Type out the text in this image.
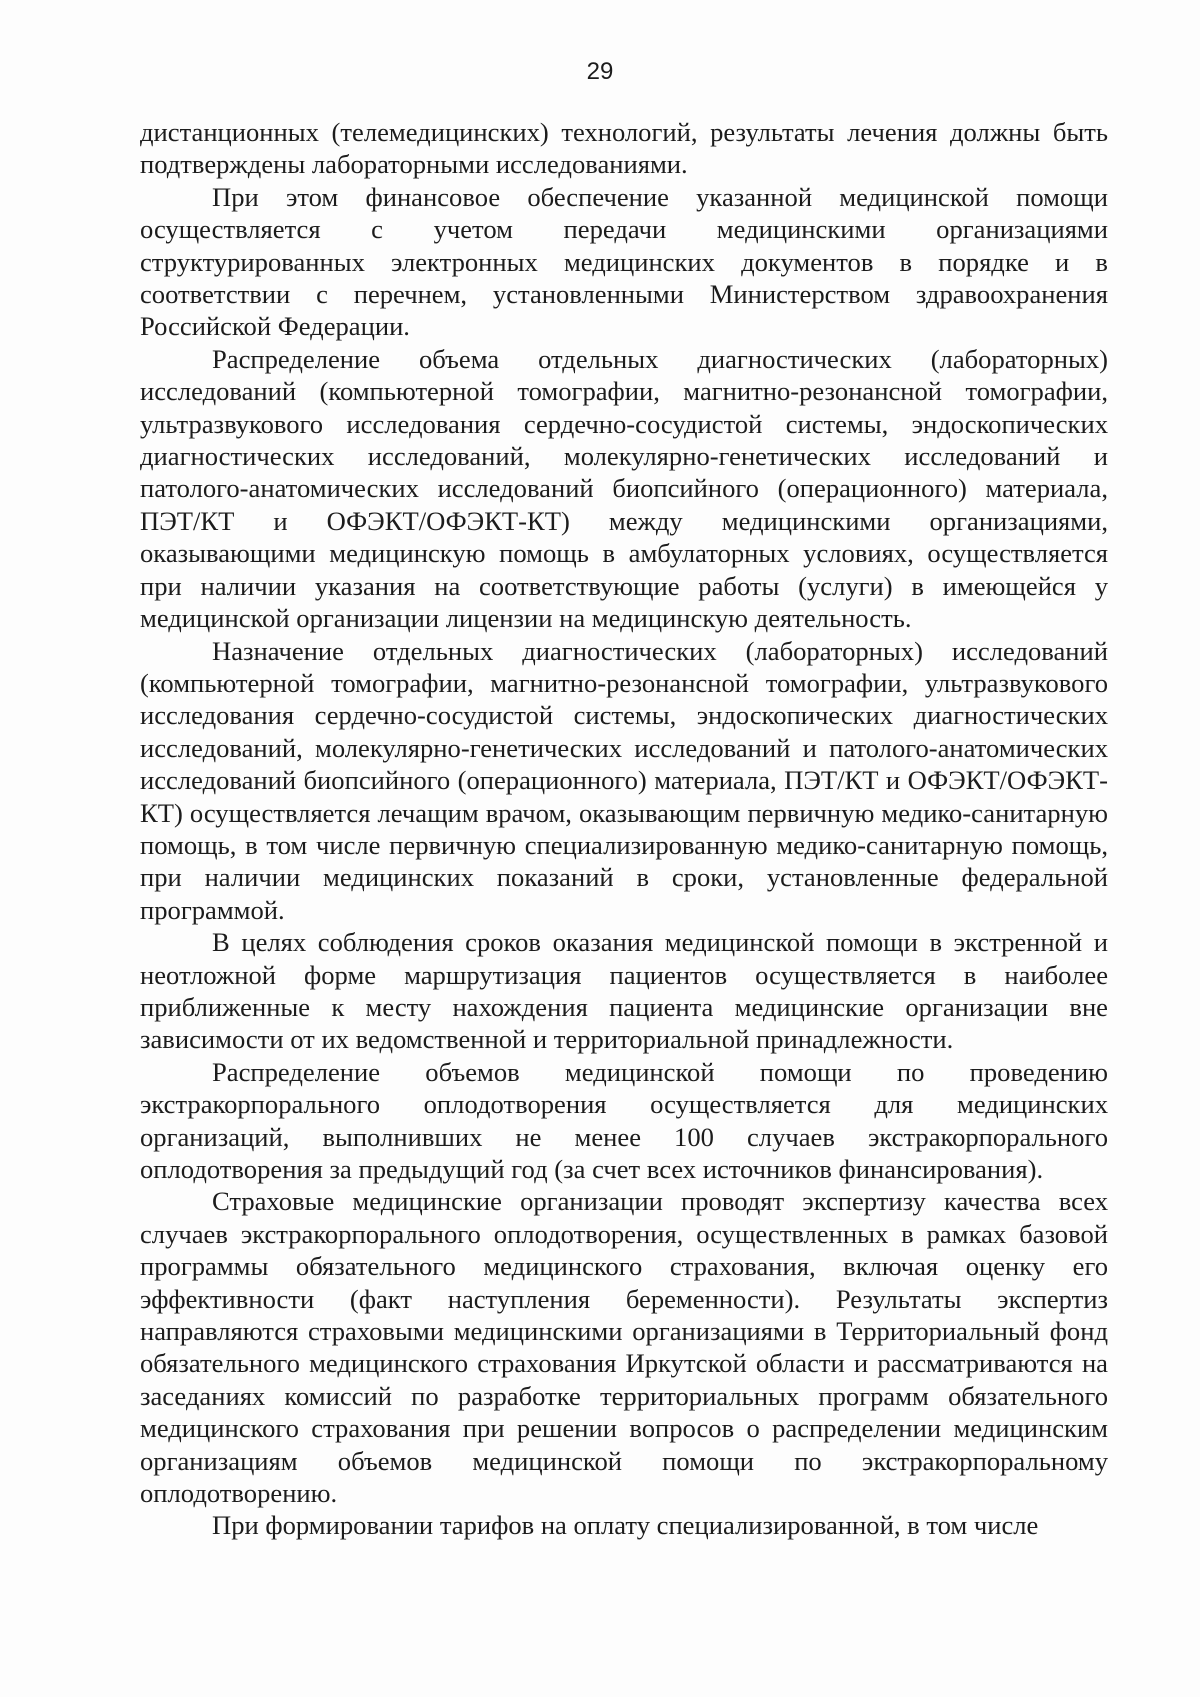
29

дистанционных (телемедицинских) технологий, результаты лечения должны быть подтверждены лабораторными исследованиями.

При этом финансовое обеспечение указанной медицинской помощи осуществляется с учетом передачи медицинскими организациями структурированных электронных медицинских документов в порядке и в соответствии с перечнем, установленными Министерством здравоохранения Российской Федерации.

Распределение объема отдельных диагностических (лабораторных) исследований (компьютерной томографии, магнитно-резонансной томографии, ультразвукового исследования сердечно-сосудистой системы, эндоскопических диагностических исследований, молекулярно-генетических исследований и патолого-анатомических исследований биопсийного (операционного) материала, ПЭТ/КТ и ОФЭКТ/ОФЭКТ-КТ) между медицинскими организациями, оказывающими медицинскую помощь в амбулаторных условиях, осуществляется при наличии указания на соответствующие работы (услуги) в имеющейся у медицинской организации лицензии на медицинскую деятельность.

Назначение отдельных диагностических (лабораторных) исследований (компьютерной томографии, магнитно-резонансной томографии, ультразвукового исследования сердечно-сосудистой системы, эндоскопических диагностических исследований, молекулярно-генетических исследований и патолого-анатомических исследований биопсийного (операционного) материала, ПЭТ/КТ и ОФЭКТ/ОФЭКТ-КТ) осуществляется лечащим врачом, оказывающим первичную медико-санитарную помощь, в том числе первичную специализированную медико-санитарную помощь, при наличии медицинских показаний в сроки, установленные федеральной программой.

В целях соблюдения сроков оказания медицинской помощи в экстренной и неотложной форме маршрутизация пациентов осуществляется в наиболее приближенные к месту нахождения пациента медицинские организации вне зависимости от их ведомственной и территориальной принадлежности.

Распределение объемов медицинской помощи по проведению экстракорпорального оплодотворения осуществляется для медицинских организаций, выполнивших не менее 100 случаев экстракорпорального оплодотворения за предыдущий год (за счет всех источников финансирования).

Страховые медицинские организации проводят экспертизу качества всех случаев экстракорпорального оплодотворения, осуществленных в рамках базовой программы обязательного медицинского страхования, включая оценку его эффективности (факт наступления беременности). Результаты экспертиз направляются страховыми медицинскими организациями в Территориальный фонд обязательного медицинского страхования Иркутской области и рассматриваются на заседаниях комиссий по разработке территориальных программ обязательного медицинского страхования при решении вопросов о распределении медицинским организациям объемов медицинской помощи по экстракорпоральному оплодотворению.

При формировании тарифов на оплату специализированной, в том числе
